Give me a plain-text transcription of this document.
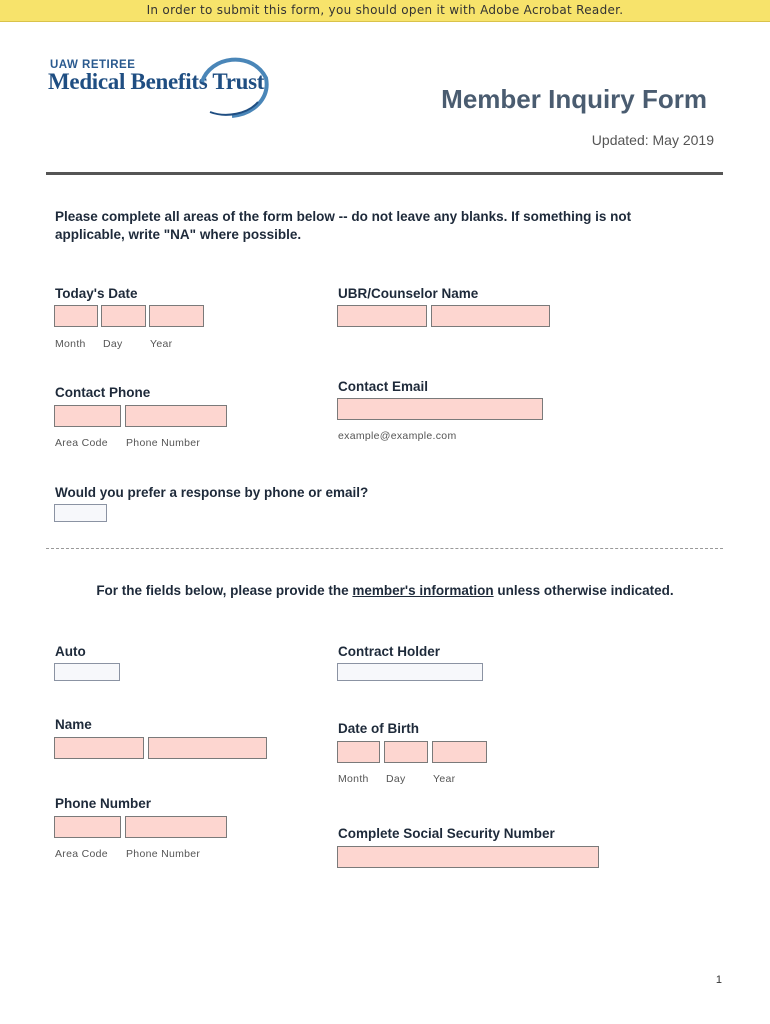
In order to submit this form, you should open it with Adobe Acrobat Reader.
UAW RETIREE
Medical Benefits Trust
Member Inquiry Form
Updated: May 2019
Please complete all areas of the form below -- do not leave any blanks. If something is not applicable, write "NA" where possible.
Today's Date
Month Day	Year
UBR/Counselor Name
Contact Phone
Area Code Phone Number
Contact Email
example@example.com
Would you prefer a response by phone or email?
For the fields below, please provide the member's information unless otherwise indicated.
Auto	Contract Holder
Name	Date of Birth
Month Day	Year
Phone Number
Area Code Phone Number
Complete Social Security Number
1
